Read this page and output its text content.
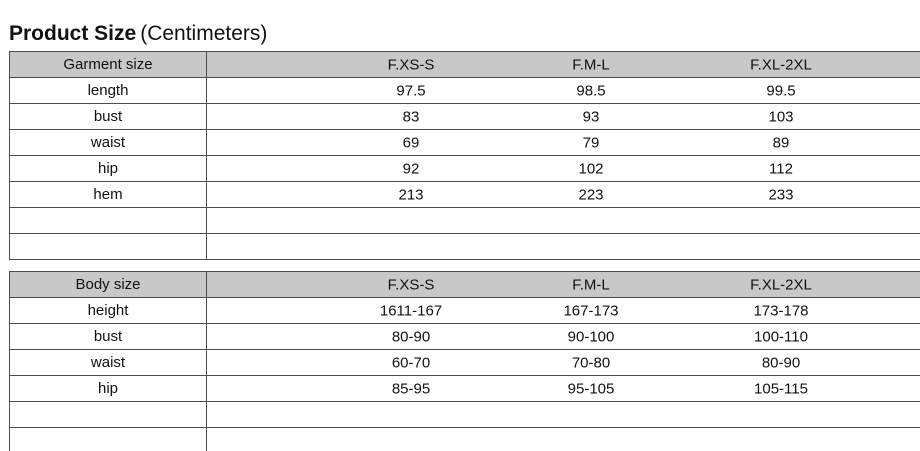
Product Size (Centimeters)
Garment size	F.XS-S F.M-L F.XL-2XL

length	97.5 98.5 99.5

bust	83 93 103

waist	69 79 89

hip	92 102 112

hem	213 223 233

Body size	F.XS-S F.M-L F.XL-2XL

height	1611-167 167-173 173-178

bust	80-90 90-100 100-110

waist	60-70 70-80 80-90

hip	85-95 95-105 105-115
